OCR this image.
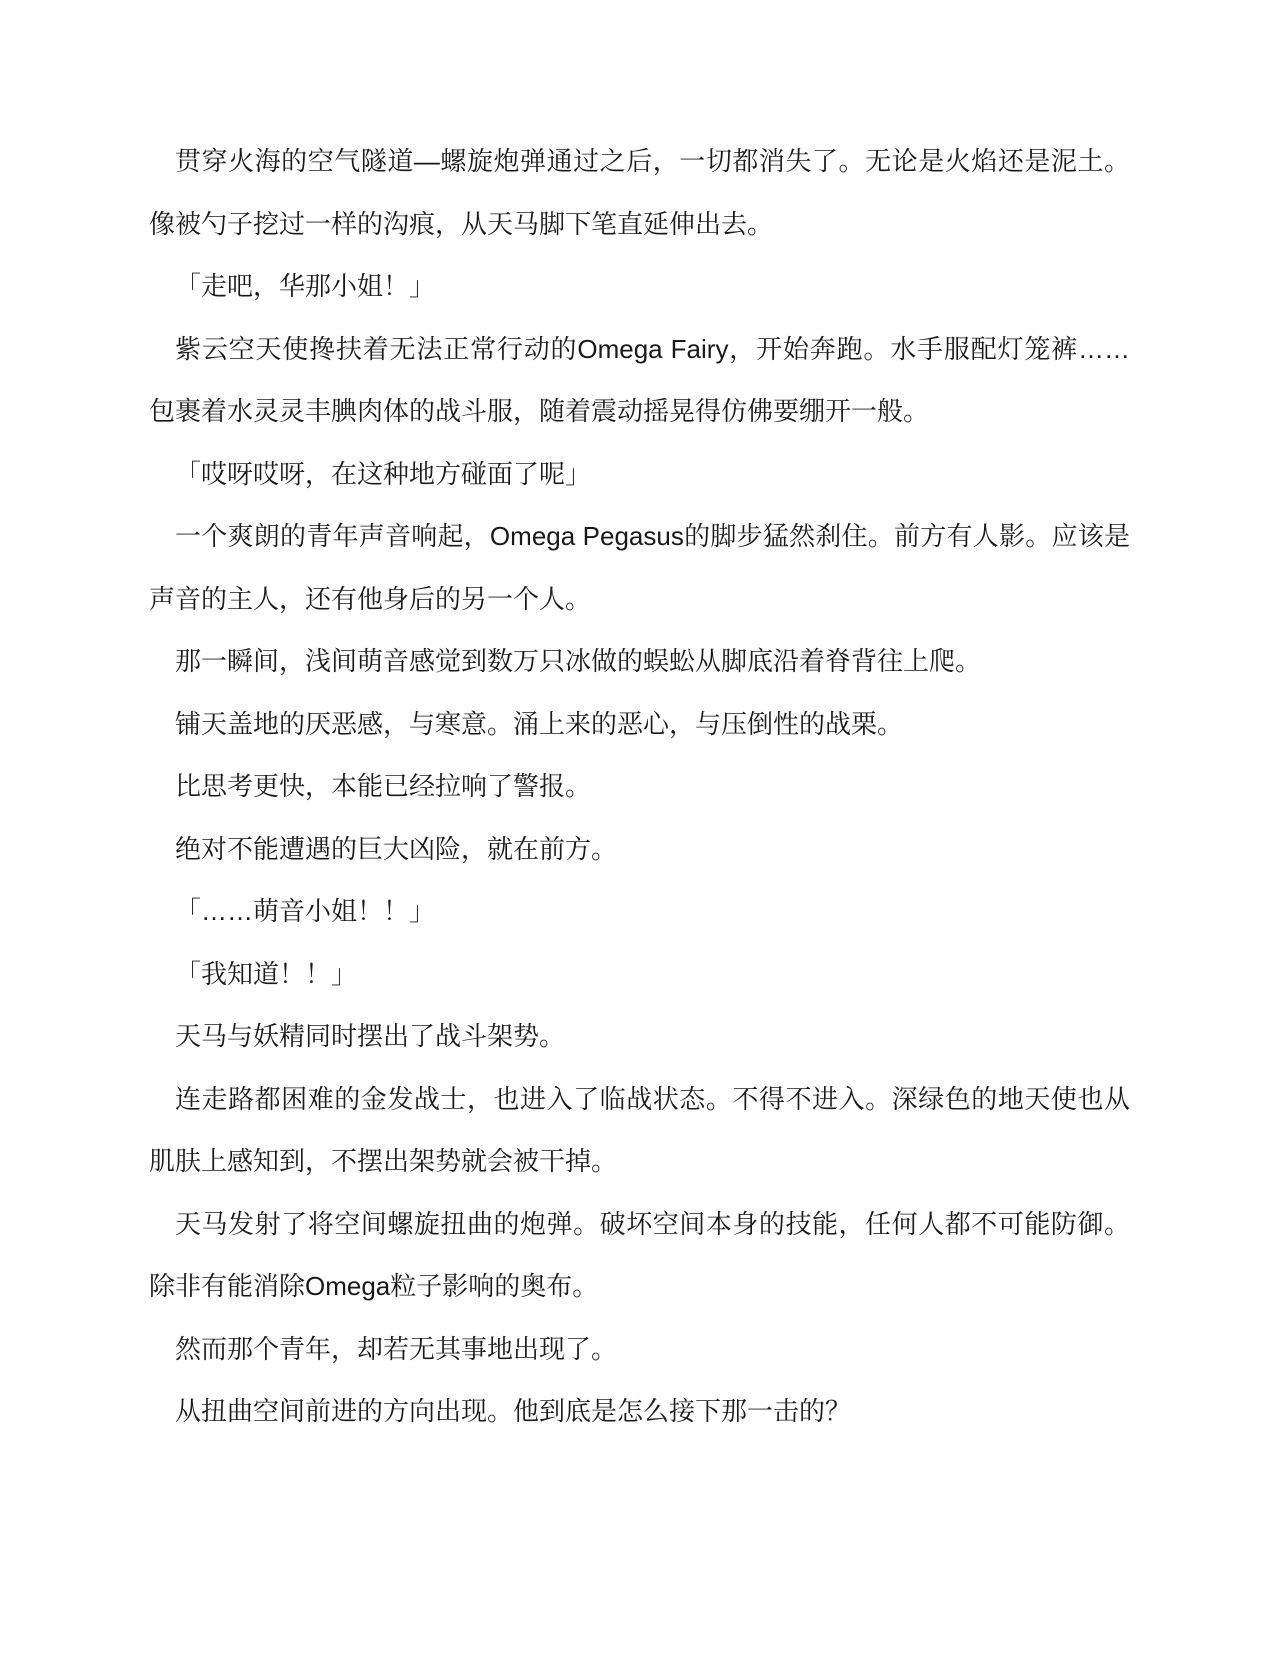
贯穿火海的空气隧道—螺旋炮弹通过之后，一切都消失了。无论是火焰还是泥土。像被勺子挖过一样的沟痕，从天马脚下笔直延伸出去。

「走吧，华那小姐！」

紫云空天使搀扶着无法正常行动的Omega Fairy，开始奔跑。水手服配灯笼裤……包裹着水灵灵丰腆肉体的战斗服，随着震动摇晃得仿佛要绷开一般。

「哎呀哎呀，在这种地方碰面了呢」

一个爽朗的青年声音响起，Omega Pegasus的脚步猛然刹住。前方有人影。应该是声音的主人，还有他身后的另一个人。

那一瞬间，浅间萌音感觉到数万只冰做的蜈蚣从脚底沿着脊背往上爬。

铺天盖地的厌恶感，与寒意。涌上来的恶心，与压倒性的战栗。

比思考更快，本能已经拉响了警报。

绝对不能遭遇的巨大凶险，就在前方。

「……萌音小姐！！」

「我知道！！」

天马与妖精同时摆出了战斗架势。

连走路都困难的金发战士，也进入了临战状态。不得不进入。深绿色的地天使也从肌肤上感知到，不摆出架势就会被干掉。

天马发射了将空间螺旋扭曲的炮弹。破坏空间本身的技能，任何人都不可能防御。除非有能消除Omega粒子影响的奥布。

然而那个青年，却若无其事地出现了。

从扭曲空间前进的方向出现。他到底是怎么接下那一击的？
